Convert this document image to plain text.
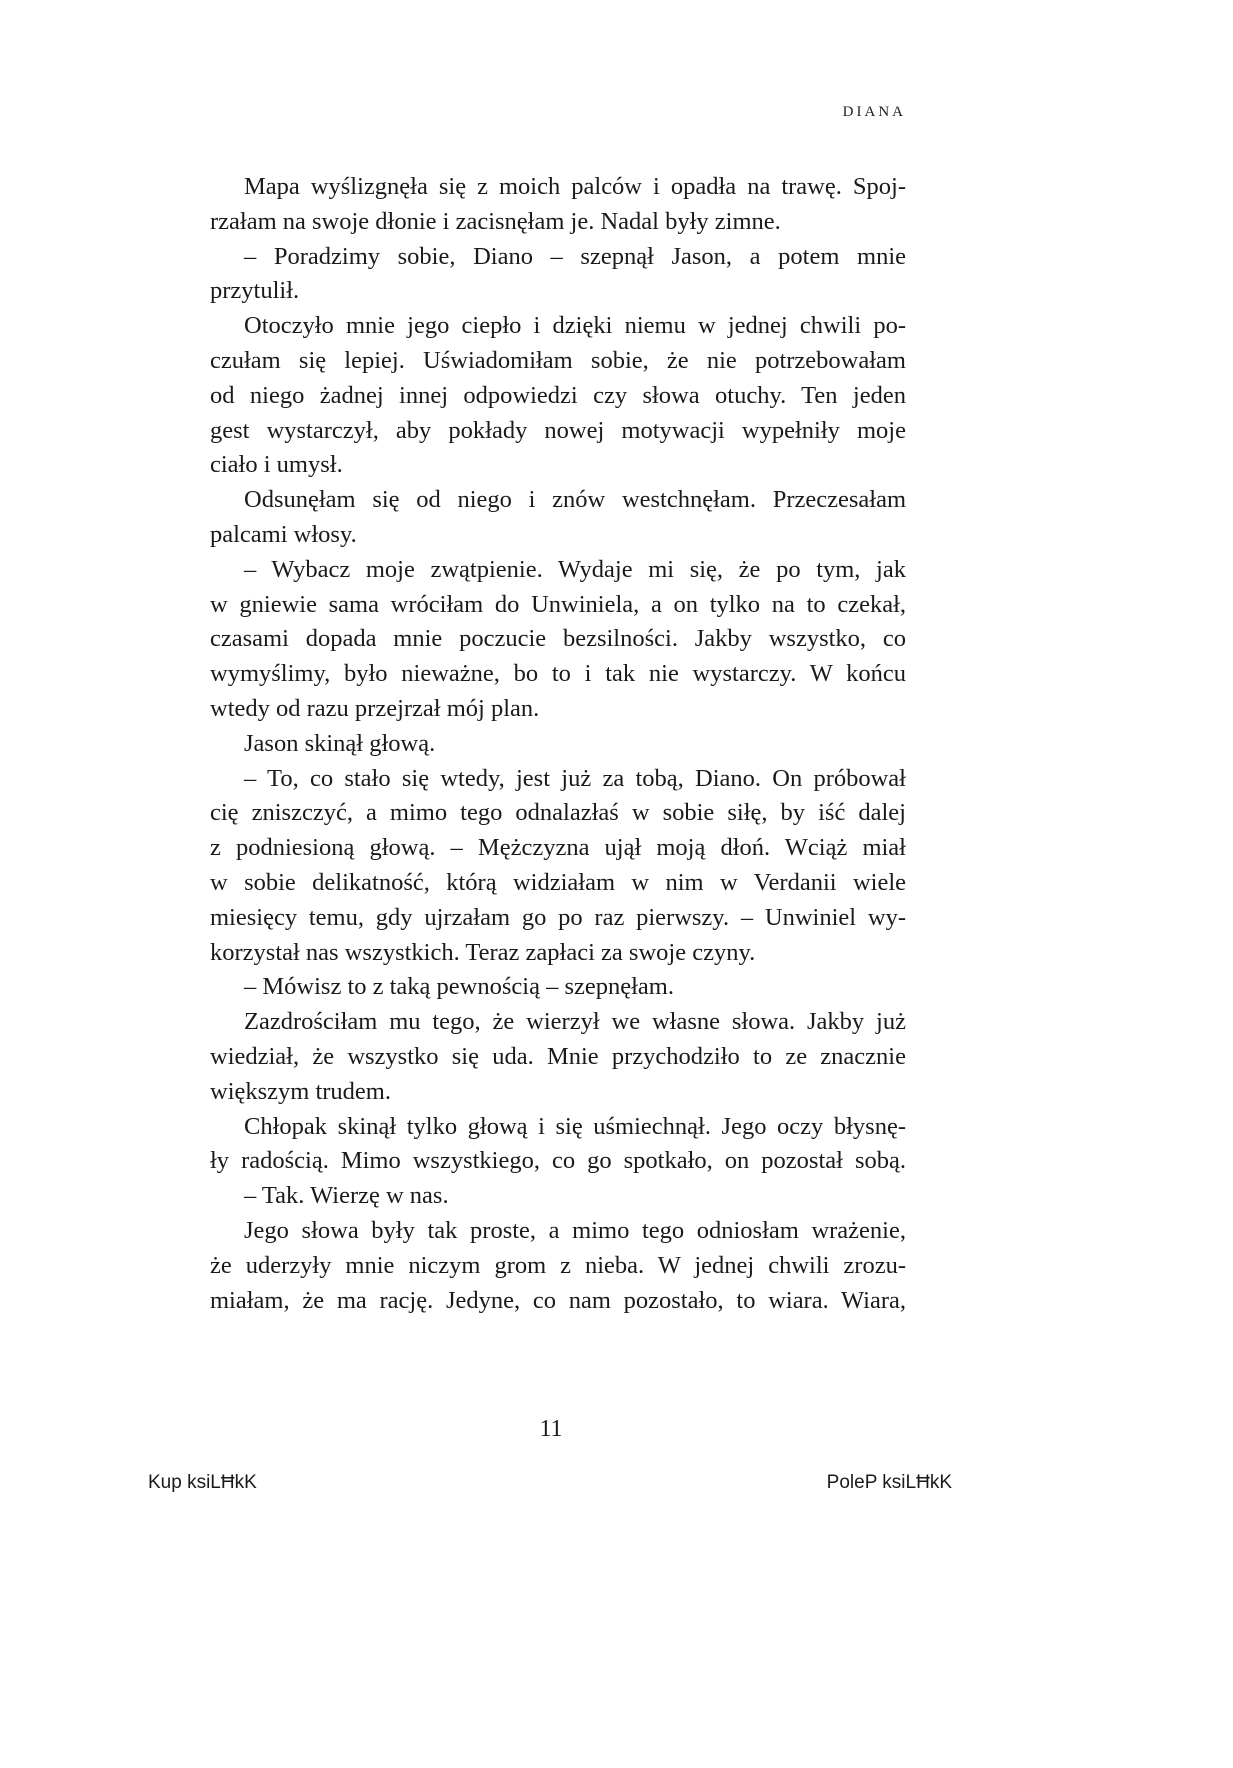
DIANA
Mapa wyślizgnęła się z moich palców i opadła na trawę. Spoj-
rzałam na swoje dłonie i zacisnęłam je. Nadal były zimne.
– Poradzimy sobie, Diano – szepnął Jason, a potem mnie
przytulił.
Otoczyło mnie jego ciepło i dzięki niemu w jednej chwili po-
czułam się lepiej. Uświadomiłam sobie, że nie potrzebowałam
od niego żadnej innej odpowiedzi czy słowa otuchy. Ten jeden
gest wystarczył, aby pokłady nowej motywacji wypełniły moje
ciało i umysł.
Odsunęłam się od niego i znów westchnęłam. Przeczesałam
palcami włosy.
– Wybacz moje zwątpienie. Wydaje mi się, że po tym, jak
w gniewie sama wróciłam do Unwiniela, a on tylko na to czekał,
czasami dopada mnie poczucie bezsilności. Jakby wszystko, co
wymyślimy, było nieważne, bo to i tak nie wystarczy. W końcu
wtedy od razu przejrzał mój plan.
Jason skinął głową.
– To, co stało się wtedy, jest już za tobą, Diano. On próbował
cię zniszczyć, a mimo tego odnalazłaś w sobie siłę, by iść dalej
z podniesioną głową. – Mężczyzna ujął moją dłoń. Wciąż miał
w sobie delikatność, którą widziałam w nim w Verdanii wiele
miesięcy temu, gdy ujrzałam go po raz pierwszy. – Unwiniel wy-
korzystał nas wszystkich. Teraz zapłaci za swoje czyny.
– Mówisz to z taką pewnością – szepnęłam.
Zazdrościłam mu tego, że wierzył we własne słowa. Jakby już
wiedział, że wszystko się uda. Mnie przychodziło to ze znacznie
większym trudem.
Chłopak skinął tylko głową i się uśmiechnął. Jego oczy błysnę-
ły radością. Mimo wszystkiego, co go spotkało, on pozostał sobą.
– Tak. Wierzę w nas.
Jego słowa były tak proste, a mimo tego odniosłam wrażenie,
że uderzyły mnie niczym grom z nieba. W jednej chwili zrozu-
miałam, że ma rację. Jedyne, co nam pozostało, to wiara. Wiara,
11
Kup ksiLĦkK	PoleP ksiLĦkK
